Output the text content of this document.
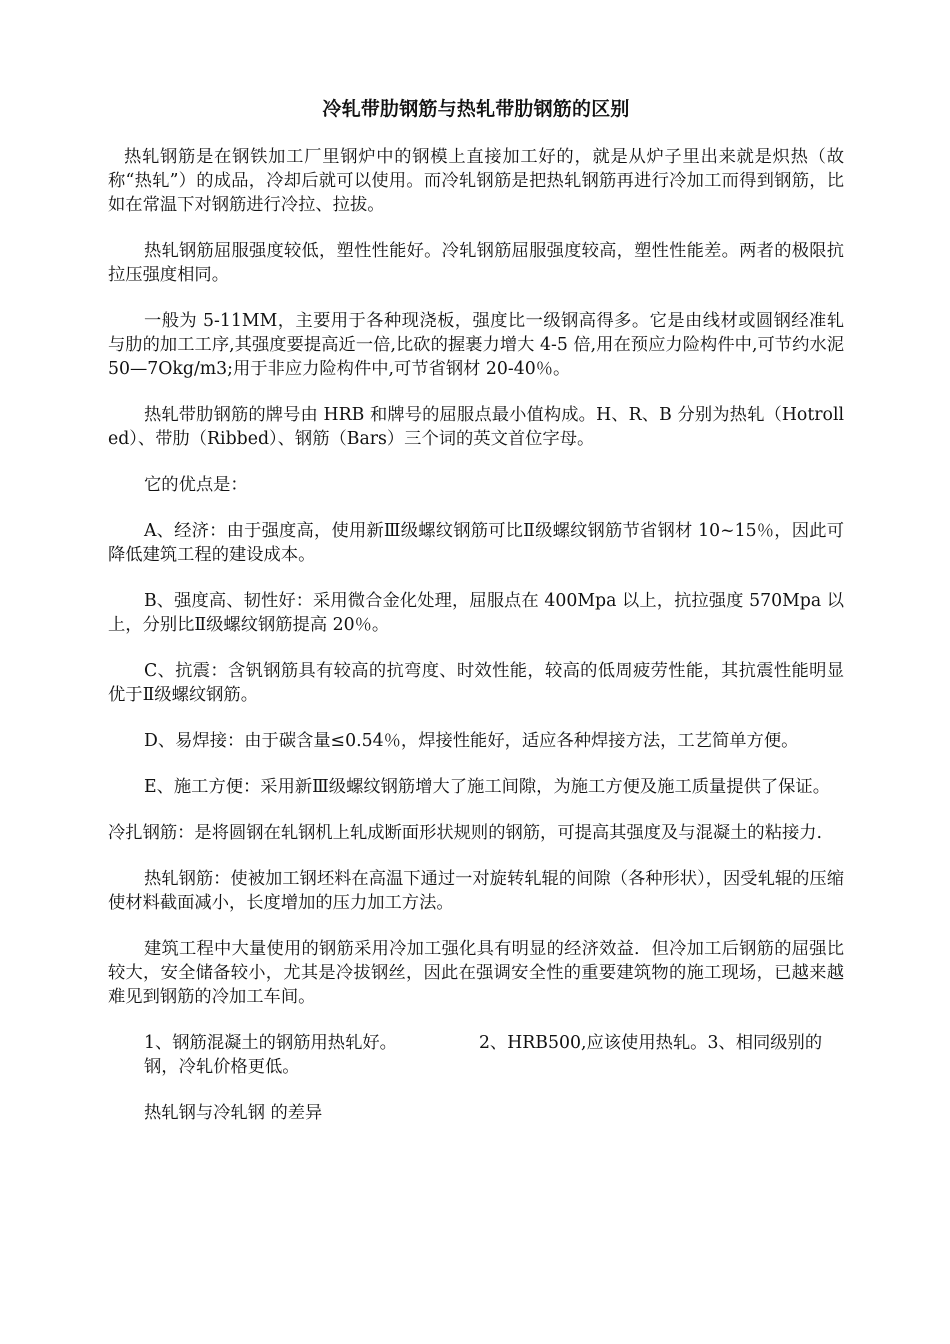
冷轧带肋钢筋与热轧带肋钢筋的区别

热轧钢筋是在钢铁加工厂里钢炉中的钢模上直接加工好的，就是从炉子里出来就是炽热（故称“热轧”）的成品，冷却后就可以使用。而冷轧钢筋是把热轧钢筋再进行冷加工而得到钢筋，比如在常温下对钢筋进行冷拉、拉拔。

热轧钢筋屈服强度较低，塑性性能好。冷轧钢筋屈服强度较高，塑性性能差。两者的极限抗拉压强度相同。

一般为 5-11MM，主要用于各种现浇板，强度比一级钢高得多。它是由线材或圆钢经准轧与肋的加工工序,其强度要提高近一倍,比砍的握裹力增大 4-5 倍,用在预应力险构件中,可节约水泥 50—7Okg/m3;用于非应力险构件中,可节省钢材 20-40％。

热轧带肋钢筋的牌号由 HRB 和牌号的屈服点最小值构成。H、R、B 分别为热轧（Hotrolled）、带肋（Ribbed）、钢筋（Bars）三个词的英文首位字母。

它的优点是：

A、经济：由于强度高，使用新Ⅲ级螺纹钢筋可比Ⅱ级螺纹钢筋节省钢材 10~15％，因此可降低建筑工程的建设成本。

B、强度高、韧性好：采用微合金化处理，屈服点在 400Mpa 以上，抗拉强度 570Mpa 以上，分别比Ⅱ级螺纹钢筋提高 20％。

C、抗震：含钒钢筋具有较高的抗弯度、时效性能，较高的低周疲劳性能，其抗震性能明显优于Ⅱ级螺纹钢筋。

D、易焊接：由于碳含量≤0.54％，焊接性能好，适应各种焊接方法，工艺简单方便。

E、施工方便：采用新Ⅲ级螺纹钢筋增大了施工间隙，为施工方便及施工质量提供了保证。

冷扎钢筋：是将圆钢在轧钢机上轧成断面形状规则的钢筋，可提高其强度及与混凝土的粘接力.

热轧钢筋：使被加工钢坯料在高温下通过一对旋转轧辊的间隙（各种形状），因受轧辊的压缩使材料截面减小，长度增加的压力加工方法。

建筑工程中大量使用的钢筋采用冷加工强化具有明显的经济效益．但冷加工后钢筋的屈强比较大，安全储备较小，尤其是冷拔钢丝，因此在强调安全性的重要建筑物的施工现场，已越来越难见到钢筋的冷加工车间。

1、钢筋混凝土的钢筋用热轧好。	2、HRB500,应该使用热轧。3、相同级别的钢，冷轧价格更低。

热轧钢与冷轧钢 的差异
